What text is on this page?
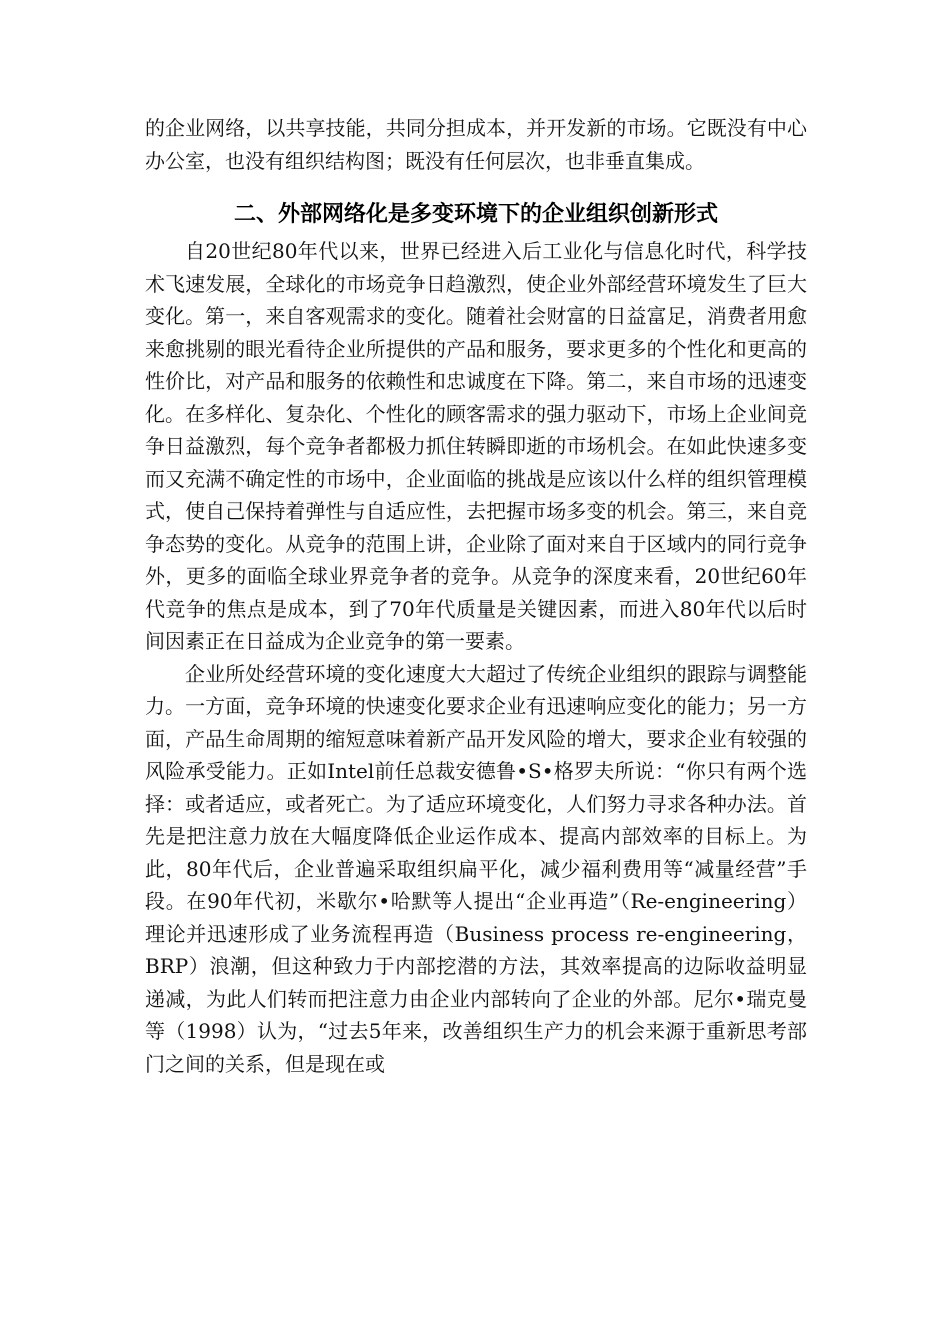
的企业网络，以共享技能，共同分担成本，并开发新的市场。它既没有中心办公室，也没有组织结构图；既没有任何层次，也非垂直集成。

二、外部网络化是多变环境下的企业组织创新形式

自20世纪80年代以来，世界已经进入后工业化与信息化时代，科学技术飞速发展，全球化的市场竞争日趋激烈，使企业外部经营环境发生了巨大变化。第一，来自客观需求的变化。随着社会财富的日益富足，消费者用愈来愈挑剔的眼光看待企业所提供的产品和服务，要求更多的个性化和更高的性价比，对产品和服务的依赖性和忠诚度在下降。第二，来自市场的迅速变化。在多样化、复杂化、个性化的顾客需求的强力驱动下，市场上企业间竞争日益激烈，每个竞争者都极力抓住转瞬即逝的市场机会。在如此快速多变而又充满不确定性的市场中，企业面临的挑战是应该以什么样的组织管理模式，使自己保持着弹性与自适应性，去把握市场多变的机会。第三，来自竞争态势的变化。从竞争的范围上讲，企业除了面对来自于区域内的同行竞争外，更多的面临全球业界竞争者的竞争。从竞争的深度来看，20世纪60年代竞争的焦点是成本，到了70年代质量是关键因素，而进入80年代以后时间因素正在日益成为企业竞争的第一要素。

企业所处经营环境的变化速度大大超过了传统企业组织的跟踪与调整能力。一方面，竞争环境的快速变化要求企业有迅速响应变化的能力；另一方面，产品生命周期的缩短意味着新产品开发风险的增大，要求企业有较强的风险承受能力。正如Intel前任总裁安德鲁•S•格罗夫所说：“你只有两个选择：或者适应，或者死亡。为了适应环境变化，人们努力寻求各种办法。首先是把注意力放在大幅度降低企业运作成本、提高内部效率的目标上。为此，80年代后，企业普遍采取组织扁平化，减少福利费用等“减量经营”手段。在90年代初，米歇尔•哈默等人提出“企业再造”（Re-engineering）理论并迅速形成了业务流程再造（Business process re-engineering，BRP）浪潮，但这种致力于内部挖潜的方法，其效率提高的边际收益明显递减，为此人们转而把注意力由企业内部转向了企业的外部。尼尔•瑞克曼等（1998）认为，“过去5年来，改善组织生产力的机会来源于重新思考部门之间的关系，但是现在或
